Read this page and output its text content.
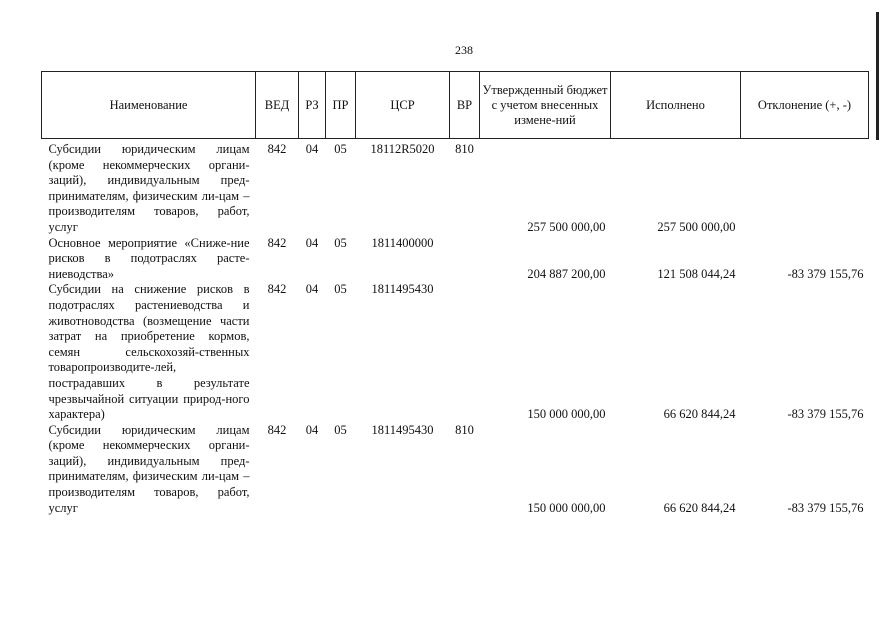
238
Наименование	ВЕД	РЗ	ПР	ЦСР	ВР	Утвержденный бюджет с учетом внесенных измене-ний	Исполнено	Отклонение (+, -)
Субсидии юридическим лицам (кроме некоммерческих органи-заций), индивидуальным пред-принимателям, физическим ли-цам – производителям товаров, работ, услуг	842	04	05	18112R5020	810	257 500 000,00	257 500 000,00	
Основное мероприятие «Сниже-ние рисков в подотраслях расте-ниеводства»	842	04	05	1811400000		204 887 200,00	121 508 044,24	-83 379 155,76
Субсидии на снижение рисков в подотраслях растениеводства и животноводства (возмещение части затрат на приобретение кормов, семян сельскохозяй-ственных товаропроизводите-лей, пострадавших в результате чрезвычайной ситуации природ-ного характера)	842	04	05	1811495430		150 000 000,00	66 620 844,24	-83 379 155,76
Субсидии юридическим лицам (кроме некоммерческих органи-заций), индивидуальным пред-принимателям, физическим ли-цам – производителям товаров, работ, услуг	842	04	05	1811495430	810	150 000 000,00	66 620 844,24	-83 379 155,76
